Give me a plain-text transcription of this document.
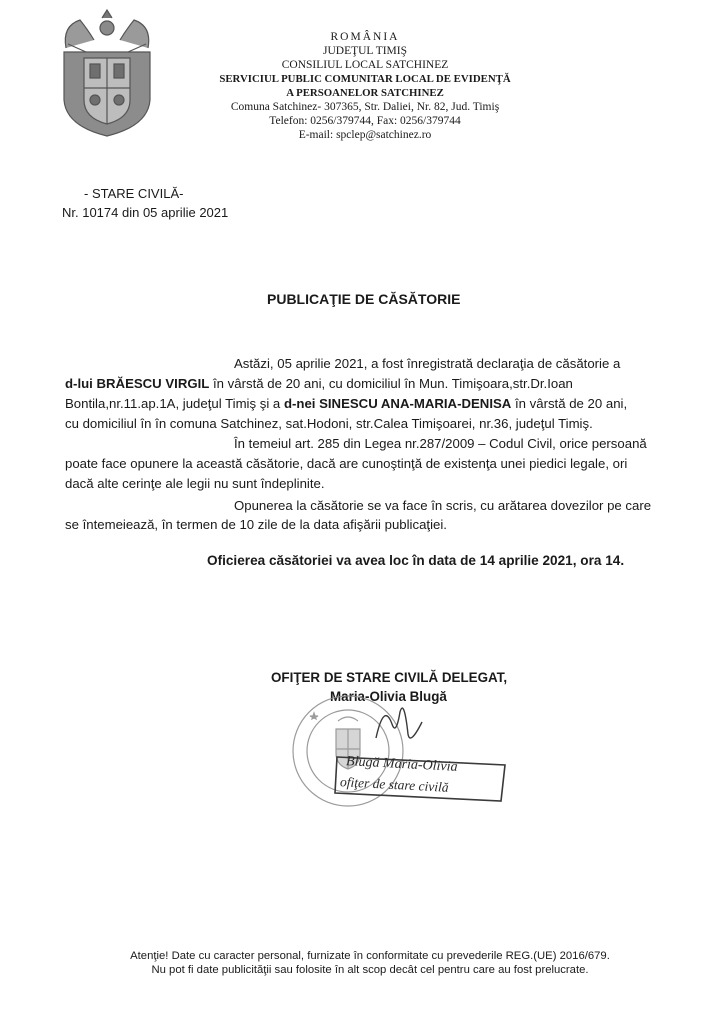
ROMÂNIA
JUDEŢUL TIMIŞ
CONSILIUL LOCAL SATCHINEZ
SERVICIUL PUBLIC COMUNITAR LOCAL DE EVIDENŢĂ
A PERSOANELOR SATCHINEZ
Comuna Satchinez- 307365, Str. Daliei, Nr. 82, Jud. Timiş
Telefon: 0256/379744, Fax: 0256/379744
E-mail: spclep@satchinez.ro
- STARE CIVILĂ-
Nr. 10174 din 05 aprilie 2021
PUBLICAŢIE DE CĂSĂTORIE
Astăzi, 05 aprilie 2021, a fost înregistrată declaraţia de căsătorie a
d-lui BRĂESCU VIRGIL în vârstă de 20 ani, cu domiciliul în Mun. Timişoara,str.Dr.Ioan
Bontila,nr.11.ap.1A, judeţul Timiş şi a d-nei SINESCU ANA-MARIA-DENISA în vârstă de 20 ani,
cu domiciliul în în comuna Satchinez, sat.Hodoni, str.Calea Timişoarei, nr.36, judeţul Timiş.
În temeiul art. 285 din Legea nr.287/2009 – Codul Civil, orice persoană
poate face opunere la această căsătorie, dacă are cunoştinţă de existenţa unei piedici legale, ori
dacă alte cerinţe ale legii nu sunt îndeplinite.
Opunerea la căsătorie se va face în scris, cu arătarea dovezilor pe care
se întemeiează, în termen de 10 zile de la data afişării publicaţiei.
Oficierea căsătoriei va avea loc în data de 14 aprilie 2021, ora 14.
OFIŢER DE STARE CIVILĂ DELEGAT,
Maria-Olivia Blugă
Blugă Maria-Olivia
ofiţer de stare civilă
Atenţie! Date cu caracter personal, furnizate în conformitate cu prevederile REG.(UE) 2016/679.
Nu pot fi date publicităţii sau folosite în alt scop decât cel pentru care au fost prelucrate.
